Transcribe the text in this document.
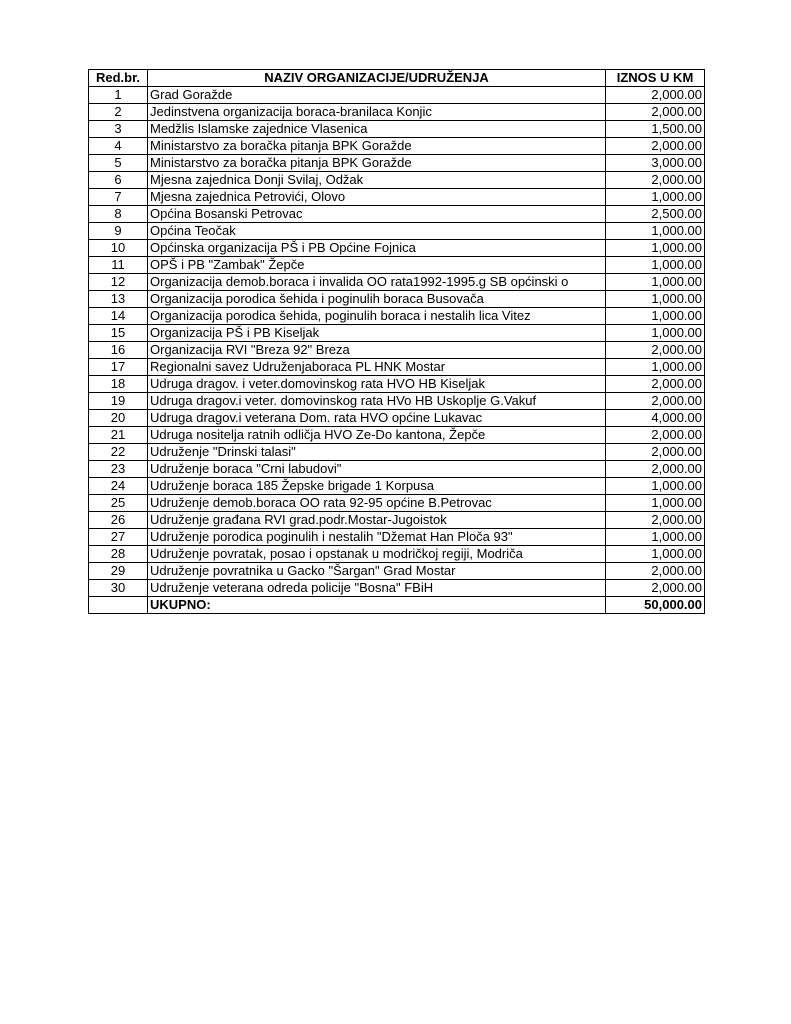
Red.br.	NAZIV ORGANIZACIJE/UDRUŽENJA	IZNOS U KM
1	Grad Goražde	2,000.00
2	Jedinstvena organizacija boraca-branilaca Konjic	2,000.00
3	Medžlis Islamske zajednice Vlasenica	1,500.00
4	Ministarstvo za boračka pitanja BPK Goražde	2,000.00
5	Ministarstvo za boračka pitanja BPK Goražde	3,000.00
6	Mjesna zajednica Donji Svilaj, Odžak	2,000.00
7	Mjesna zajednica Petrovići, Olovo	1,000.00
8	Općina Bosanski Petrovac	2,500.00
9	Općina Teočak	1,000.00
10	Općinska organizacija PŠ i PB Općine Fojnica	1,000.00
11	OPŠ i PB "Zambak" Žepče	1,000.00
12	Organizacija demob.boraca i invalida OO rata1992-1995.g SB općinski o	1,000.00
13	Organizacija porodica šehida i poginulih boraca Busovača	1,000.00
14	Organizacija porodica šehida, poginulih boraca i nestalih lica Vitez	1,000.00
15	Organizacija PŠ i PB Kiseljak	1,000.00
16	Organizacija RVI "Breza 92" Breza	2,000.00
17	Regionalni savez Udruženjaboraca PL HNK Mostar	1,000.00
18	Udruga dragov. i veter.domovinskog rata HVO HB Kiseljak	2,000.00
19	Udruga dragov.i veter. domovinskog rata HVo HB Uskoplje G.Vakuf	2,000.00
20	Udruga dragov.i veterana Dom. rata HVO općine Lukavac	4,000.00
21	Udruga nositelja ratnih odličja HVO Ze-Do kantona, Žepče	2,000.00
22	Udruženje "Drinski talasi"	2,000.00
23	Udruženje boraca "Crni labudovi"	2,000.00
24	Udruženje boraca 185 Žepske brigade 1 Korpusa	1,000.00
25	Udruženje demob.boraca OO rata 92-95 općine B.Petrovac	1,000.00
26	Udruženje građana RVI grad.podr.Mostar-Jugoistok	2,000.00
27	Udruženje porodica poginulih i nestalih "Džemat Han Ploča 93"	1,000.00
28	Udruženje povratak, posao i opstanak u modričkoj regiji, Modriča	1,000.00
29	Udruženje povratnika u Gacko "Šargan" Grad Mostar	2,000.00
30	Udruženje veterana odreda policije "Bosna" FBiH	2,000.00
	UKUPNO:	50,000.00
